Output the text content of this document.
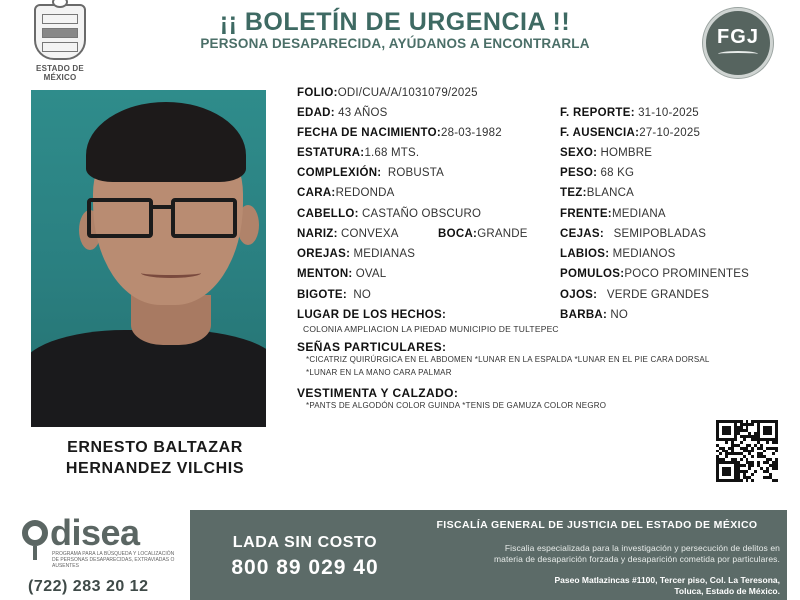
ESTADO DE MÉXICO
¡¡ BOLETÍN DE URGENCIA !!
PERSONA DESAPARECIDA, AYÚDANOS A ENCONTRARLA	FGJ
ERNESTO BALTAZAR
HERNANDEZ VILCHIS
FOLIO:ODI/CUA/A/1031079/2025
EDAD: 43 AÑOS
FECHA DE NACIMIENTO:28-03-1982
ESTATURA:1.68 MTS.
COMPLEXIÓN: ROBUSTA
CARA:REDONDA
CABELLO: CASTAÑO OBSCURO
NARIZ: CONVEXA	BOCA:GRANDE
OREJAS: MEDIANAS
MENTON: OVAL
BIGOTE: NO
LUGAR DE LOS HECHOS:
COLONIA AMPLIACION LA PIEDAD MUNICIPIO DE TULTEPEC
F. REPORTE: 31-10-2025
F. AUSENCIA:27-10-2025
SEXO: HOMBRE
PESO: 68 KG
TEZ:BLANCA
FRENTE:MEDIANA
CEJAS: SEMIPOBLADAS
LABIOS: MEDIANOS
POMULOS:POCO PROMINENTES
OJOS: VERDE GRANDES
BARBA: NO
SEÑAS PARTICULARES:
*CICATRIZ QUIRÚRGICA EN EL ABDOMEN *LUNAR EN LA ESPALDA *LUNAR EN EL PIE CARA DORSAL
*LUNAR EN LA MANO CARA PALMAR
VESTIMENTA Y CALZADO:
*PANTS DE ALGODÓN COLOR GUINDA *TENIS DE GAMUZA COLOR NEGRO
disea
PROGRAMA PARA LA BÚSQUEDA Y LOCALIZACIÓN DE PERSONAS DESAPARECIDAS, EXTRAVIADAS O AUSENTES
(722) 283 20 12
LADA SIN COSTO
800 89 029 40
FISCALÍA GENERAL DE JUSTICIA DEL ESTADO DE MÉXICO
Fiscalia especializada para la investigación y persecución de delitos en
materia de desaparición forzada y desaparición cometida por particulares.
Paseo Matlazincas #1100, Tercer piso, Col. La Teresona,
Toluca, Estado de México.
